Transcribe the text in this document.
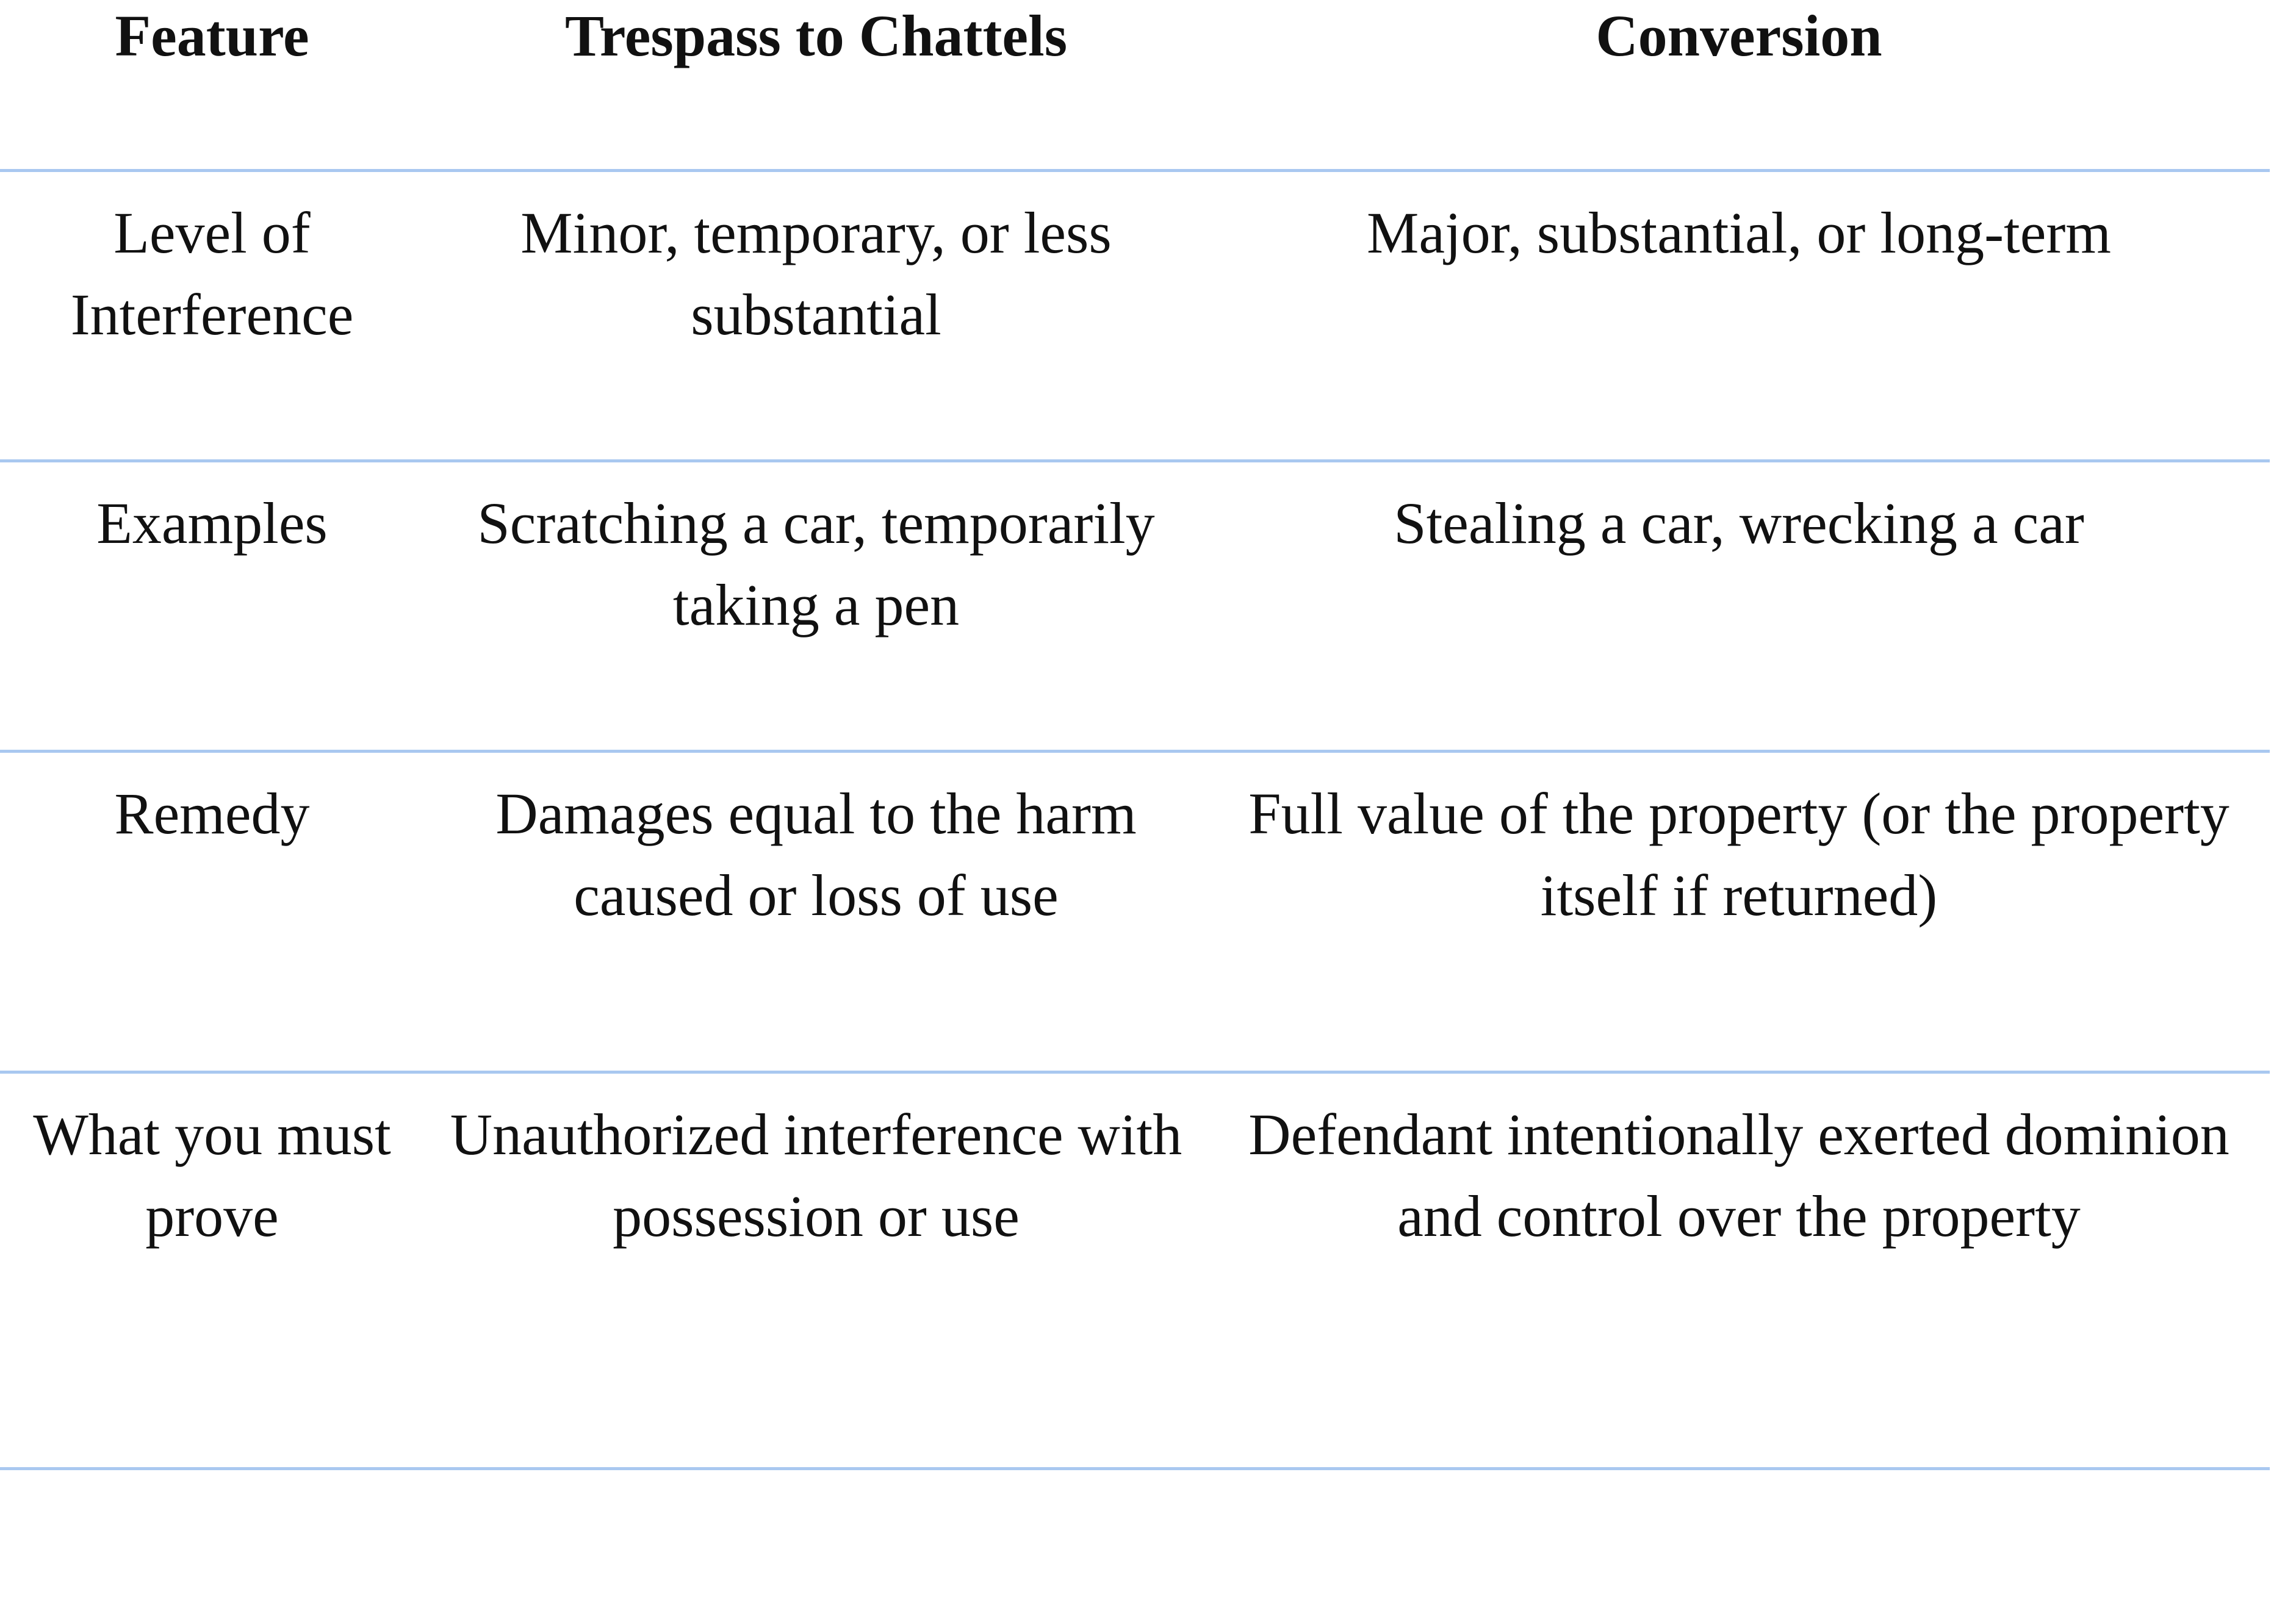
Feature	Trespass to Chattels	Conversion

Level of Interference	Minor, temporary, or less substantial	Major, substantial, or long-term

Examples	Scratching a car, temporarily taking a pen	Stealing a car, wrecking a car

Remedy	Damages equal to the harm caused or loss of use	Full value of the property (or the property itself if returned)

What you must prove	Unauthorized interference with possession or use	Defendant intentionally exerted dominion and control over the property
